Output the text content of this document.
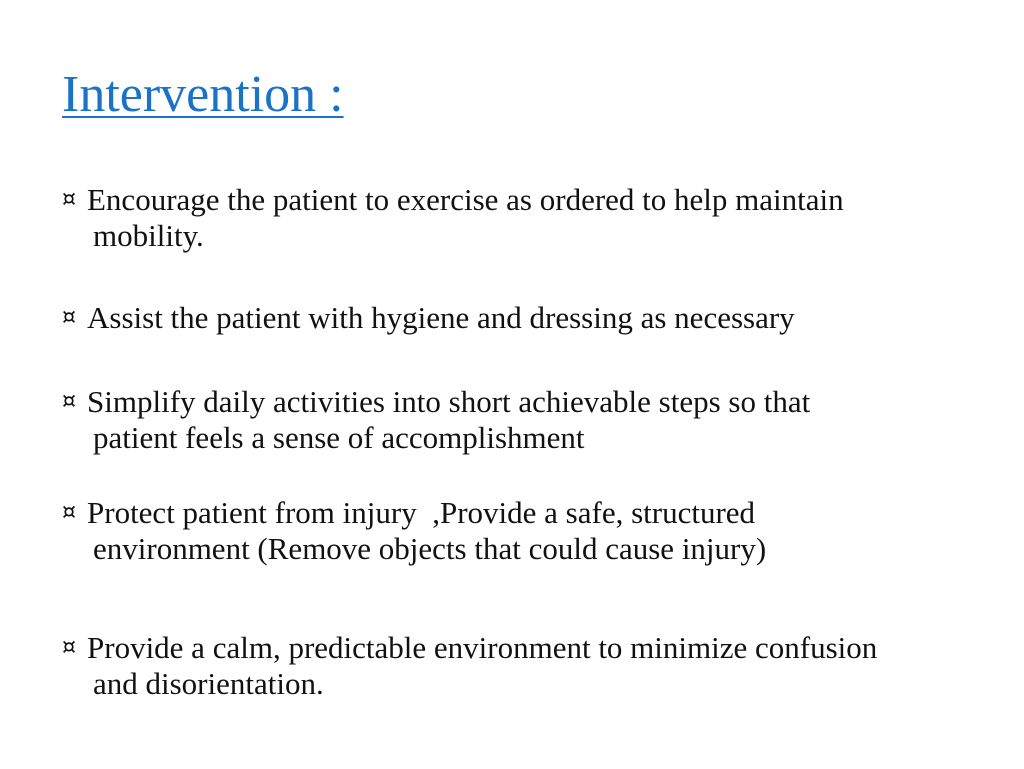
Intervention :
¤ Encourage the patient to exercise as ordered to help maintain
mobility.
¤ Assist the patient with hygiene and dressing as necessary
¤ Simplify daily activities into short achievable steps so that
patient feels a sense of accomplishment
¤ Protect patient from injury  ,Provide a safe, structured
environment (Remove objects that could cause injury)
¤ Provide a calm, predictable environment to minimize confusion
and disorientation.
